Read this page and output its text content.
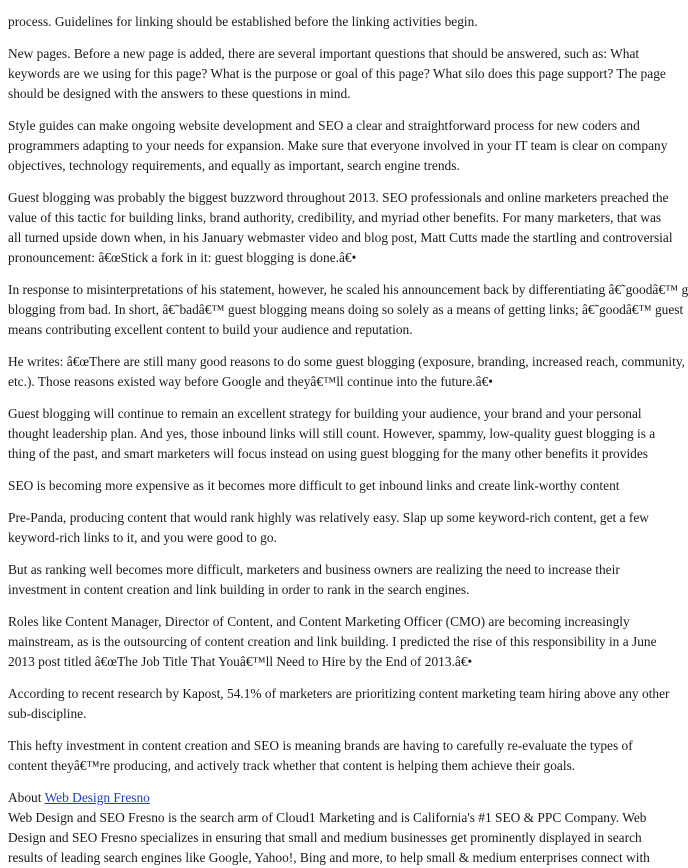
process. Guidelines for linking should be established before the linking activities begin.

New pages. Before a new page is added, there are several important questions that should be answered, such as: What
keywords are we using for this page? What is the purpose or goal of this page? What silo does this page support? The page
should be designed with the answers to these questions in mind.

Style guides can make ongoing website development and SEO a clear and straightforward process for new coders and
programmers adapting to your needs for expansion. Make sure that everyone involved in your IT team is clear on company
objectives, technology requirements, and equally as important, search engine trends.

Guest blogging was probably the biggest buzzword throughout 2013. SEO professionals and online marketers preached the
value of this tactic for building links, brand authority, credibility, and myriad other benefits. For many marketers, that was
all turned upside down when, in his January webmaster video and blog post, Matt Cutts made the startling and controversial
pronouncement: â€œStick a fork in it: guest blogging is done.â€•

In response to misinterpretations of his statement, however, he scaled his announcement back by differentiating â€˜goodâ€™ g
blogging from bad. In short, â€˜badâ€™ guest blogging means doing so solely as a means of getting links; â€˜goodâ€™ guest
means contributing excellent content to build your audience and reputation.

He writes: â€œThere are still many good reasons to do some guest blogging (exposure, branding, increased reach, community,
etc.). Those reasons existed way before Google and theyâ€™ll continue into the future.â€•

Guest blogging will continue to remain an excellent strategy for building your audience, your brand and your personal
thought leadership plan. And yes, those inbound links will still count. However, spammy, low-quality guest blogging is a
thing of the past, and smart marketers will focus instead on using guest blogging for the many other benefits it provides

SEO is becoming more expensive as it becomes more difficult to get inbound links and create link-worthy content

Pre-Panda, producing content that would rank highly was relatively easy. Slap up some keyword-rich content, get a few
keyword-rich links to it, and you were good to go.

But as ranking well becomes more difficult, marketers and business owners are realizing the need to increase their
investment in content creation and link building in order to rank in the search engines.

Roles like Content Manager, Director of Content, and Content Marketing Officer (CMO) are becoming increasingly
mainstream, as is the outsourcing of content creation and link building. I predicted the rise of this responsibility in a June
2013 post titled â€œThe Job Title That Youâ€™ll Need to Hire by the End of 2013.â€•

According to recent research by Kapost, 54.1% of marketers are prioritizing content marketing team hiring above any other
sub-discipline.

This hefty investment in content creation and SEO is meaning brands are having to carefully re-evaluate the types of
content theyâ€™re producing, and actively track whether that content is helping them achieve their goals.

About Web Design Fresno
Web Design and SEO Fresno is the search arm of Cloud1 Marketing and is California's #1 SEO & PPC Company. Web
Design and SEO Fresno specializes in ensuring that small and medium businesses get prominently displayed in search
results of leading search engines like Google, Yahoo!, Bing and more, to help small & medium enterprises connect with
